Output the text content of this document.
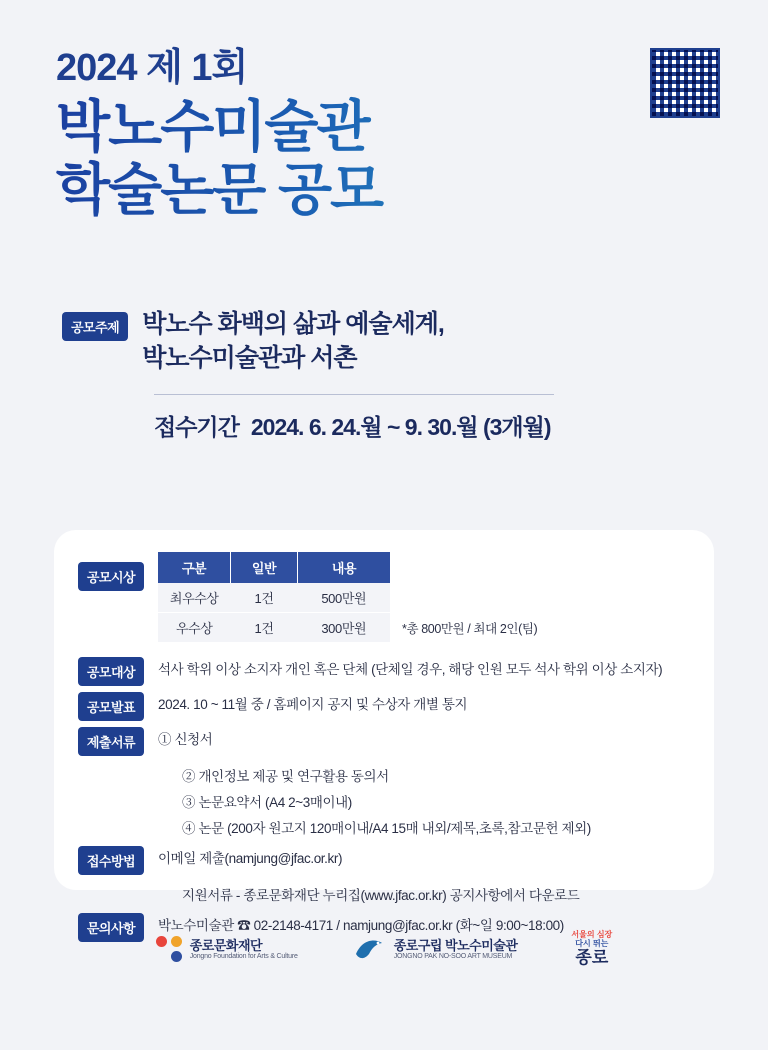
2024 제 1회
박노수미술관
학술논문 공모
공모주제 박노수 화백의 삶과 예술세계,
박노수미술관과 서촌
접수기간 2024. 6. 24.월 ~ 9. 30.월 (3개월)
공모시상
구분	일반	내용
최우수상	1건	500만원
우수상	1건	300만원	*총 800만원 / 최대 2인(팀)
공모대상	석사 학위 이상 소지자 개인 혹은 단체 (단체일 경우, 해당 인원 모두 석사 학위 이상 소지자)
공모발표	2024. 10 ~ 11월 중 / 홈페이지 공지 및 수상자 개별 통지
제출서류	① 신청서
② 개인정보 제공 및 연구활용 동의서
③ 논문요약서 (A4 2~3매이내)
④ 논문 (200자 원고지 120매이내/A4 15매 내외/제목,초록,참고문헌 제외)
접수방법	이메일 제출(namjung@jfac.or.kr)
지원서류 - 종로문화재단 누리집(www.jfac.or.kr) 공지사항에서 다운로드
문의사항	박노수미술관 ☎ 02-2148-4171 / namjung@jfac.or.kr (화~일 9:00~18:00)
종로문화재단
Jongno Foundation for Arts & Culture
종로구립 박노수미술관
JONGNO PAK NO-SOO ART MUSEUM
서울의 심장
다시 뛰는
종로
